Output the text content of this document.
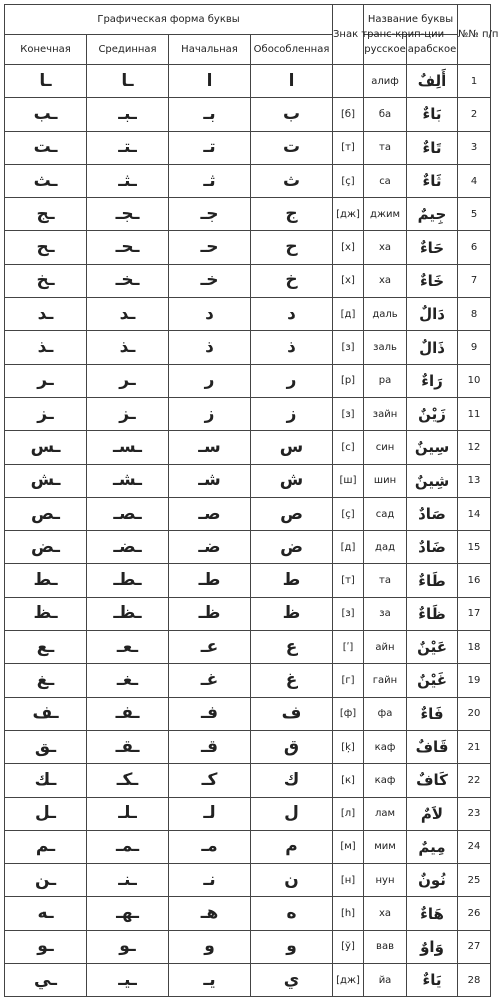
Графическая форма буквы				Знак транс-крип-ции	Название буквы		№№ п/п
Конечная	Срединная	Начальная	Обособленная		русское	арабское	
ـا	ـا	ا	ا		алиф	أَلِفٌ	1
ـب	ـبـ	بـ	ب	[б]	ба	بَاءٌ	2
ـت	ـتـ	تـ	ت	[т]	та	تَاءٌ	3
ـث	ـثـ	ثـ	ث	[ç]	са	ثَاءٌ	4
ـج	ـجـ	جـ	ج	[дж]	джим	جِيمٌ	5
ـح	ـحـ	حـ	ح	[х]	ха	حَاءٌ	6
ـخ	ـخـ	خـ	خ	[х]	ха	خَاءٌ	7
ـد	ـد	د	د	[д]	даль	دَالٌ	8
ـذ	ـذ	ذ	ذ	[з]	заль	ذَالٌ	9
ـر	ـر	ر	ر	[р]	ра	رَاءٌ	10
ـز	ـز	ز	ز	[з]	зайн	زَيْنٌ	11
ـس	ـسـ	سـ	س	[с]	син	سِينٌ	12
ـش	ـشـ	شـ	ش	[ш]	шин	شِينٌ	13
ـص	ـصـ	صـ	ص	[ç]	сад	صَادٌ	14
ـض	ـضـ	ضـ	ض	[д]	дад	ضَادٌ	15
ـط	ـطـ	طـ	ط	[т]	та	طَاءٌ	16
ـظ	ـظـ	ظـ	ظ	[з]	за	ظَاءٌ	17
ـع	ـعـ	عـ	ع	[ʹ]	айн	عَيْنٌ	18
ـغ	ـغـ	غـ	غ	[г]	гайн	غَيْنٌ	19
ـف	ـفـ	فـ	ف	[ф]	фа	فَاءٌ	20
ـق	ـقـ	قـ	ق	[ķ]	каф	قَافٌ	21
ـك	ـكـ	كـ	ك	[к]	каф	كَافٌ	22
ـل	ـلـ	لـ	ل	[л]	лам	لاَمٌ	23
ـم	ـمـ	مـ	م	[м]	мим	مِيمٌ	24
ـن	ـنـ	نـ	ن	[н]	нун	نُونٌ	25
ـه	ـهـ	هـ	ه	[h]	ха	هَاءٌ	26
ـو	ـو	و	و	[ў]	вав	وَاوٌ	27
ـي	ـيـ	يـ	ي	[дж]	йа	يَاءٌ	28
